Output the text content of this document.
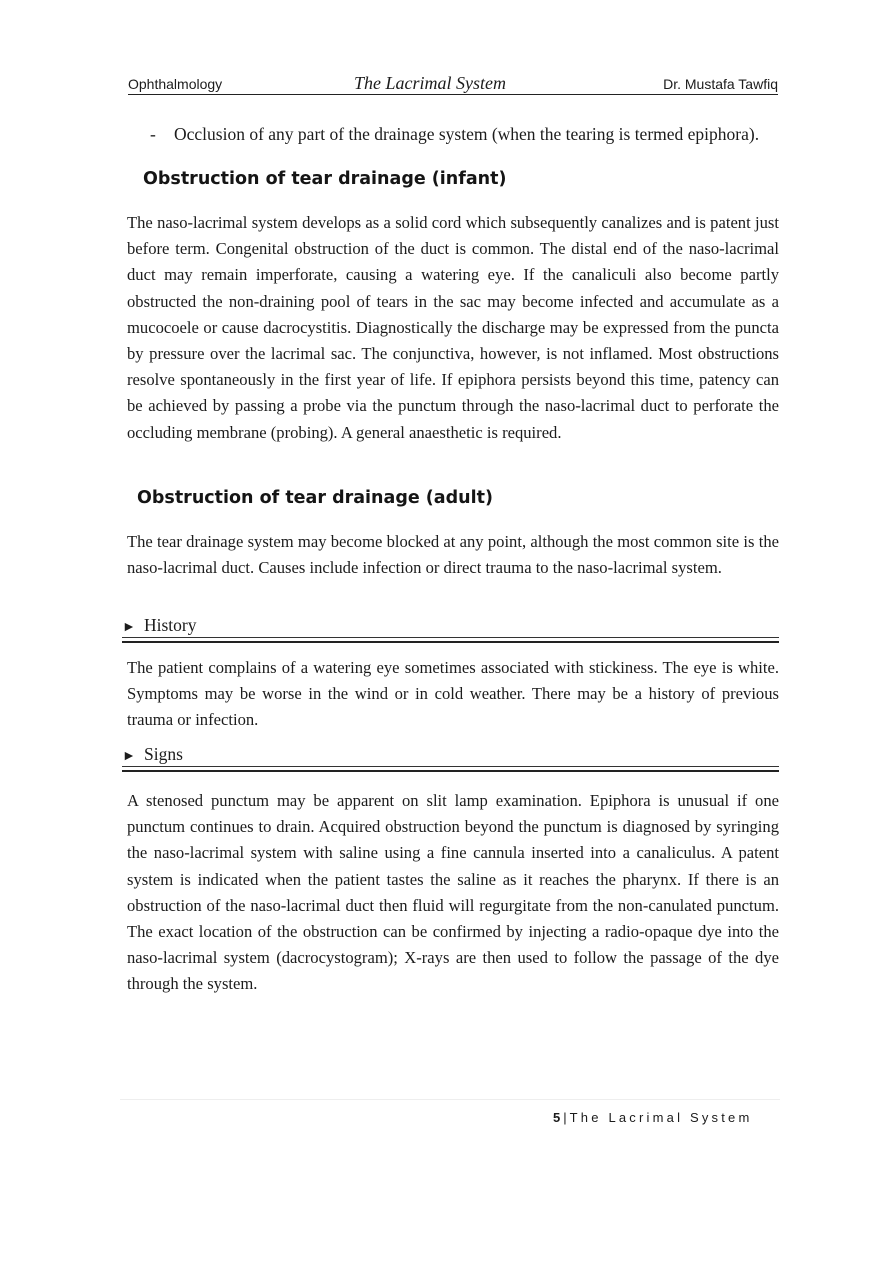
Ophthalmology	The Lacrimal System	Dr. Mustafa Tawfiq
- Occlusion of any part of the drainage system (when the tearing is termed epiphora).
Obstruction of tear drainage (infant)
The naso-lacrimal system develops as a solid cord which subsequently canalizes and is patent just before term. Congenital obstruction of the duct is common. The distal end of the naso-lacrimal duct may remain imperforate, causing a watering eye. If the canaliculi also become partly obstructed the non-draining pool of tears in the sac may become infected and accumulate as a mucocoele or cause dacrocystitis. Diagnostically the discharge may be expressed from the puncta by pressure over the lacrimal sac. The conjunctiva, however, is not inflamed. Most obstructions resolve spontaneously in the first year of life. If epiphora persists beyond this time, patency can be achieved by passing a probe via the punctum through the naso-lacrimal duct to perforate the occluding membrane (probing). A general anaesthetic is required.
Obstruction of tear drainage (adult)
The tear drainage system may become blocked at any point, although the most common site is the naso-lacrimal duct. Causes include infection or direct trauma to the naso-lacrimal system.
► History
The patient complains of a watering eye sometimes associated with stickiness. The eye is white. Symptoms may be worse in the wind or in cold weather. There may be a history of previous trauma or infection.
► Signs
A stenosed punctum may be apparent on slit lamp examination. Epiphora is unusual if one punctum continues to drain. Acquired obstruction beyond the punctum is diagnosed by syringing the naso-lacrimal system with saline using a fine cannula inserted into a canaliculus. A patent system is indicated when the patient tastes the saline as it reaches the pharynx. If there is an obstruction of the naso-lacrimal duct then fluid will regurgitate from the non-canulated punctum. The exact location of the obstruction can be confirmed by injecting a radio-opaque dye into the naso-lacrimal system (dacrocystogram); X-rays are then used to follow the passage of the dye through the system.
5 | The Lacrimal System
